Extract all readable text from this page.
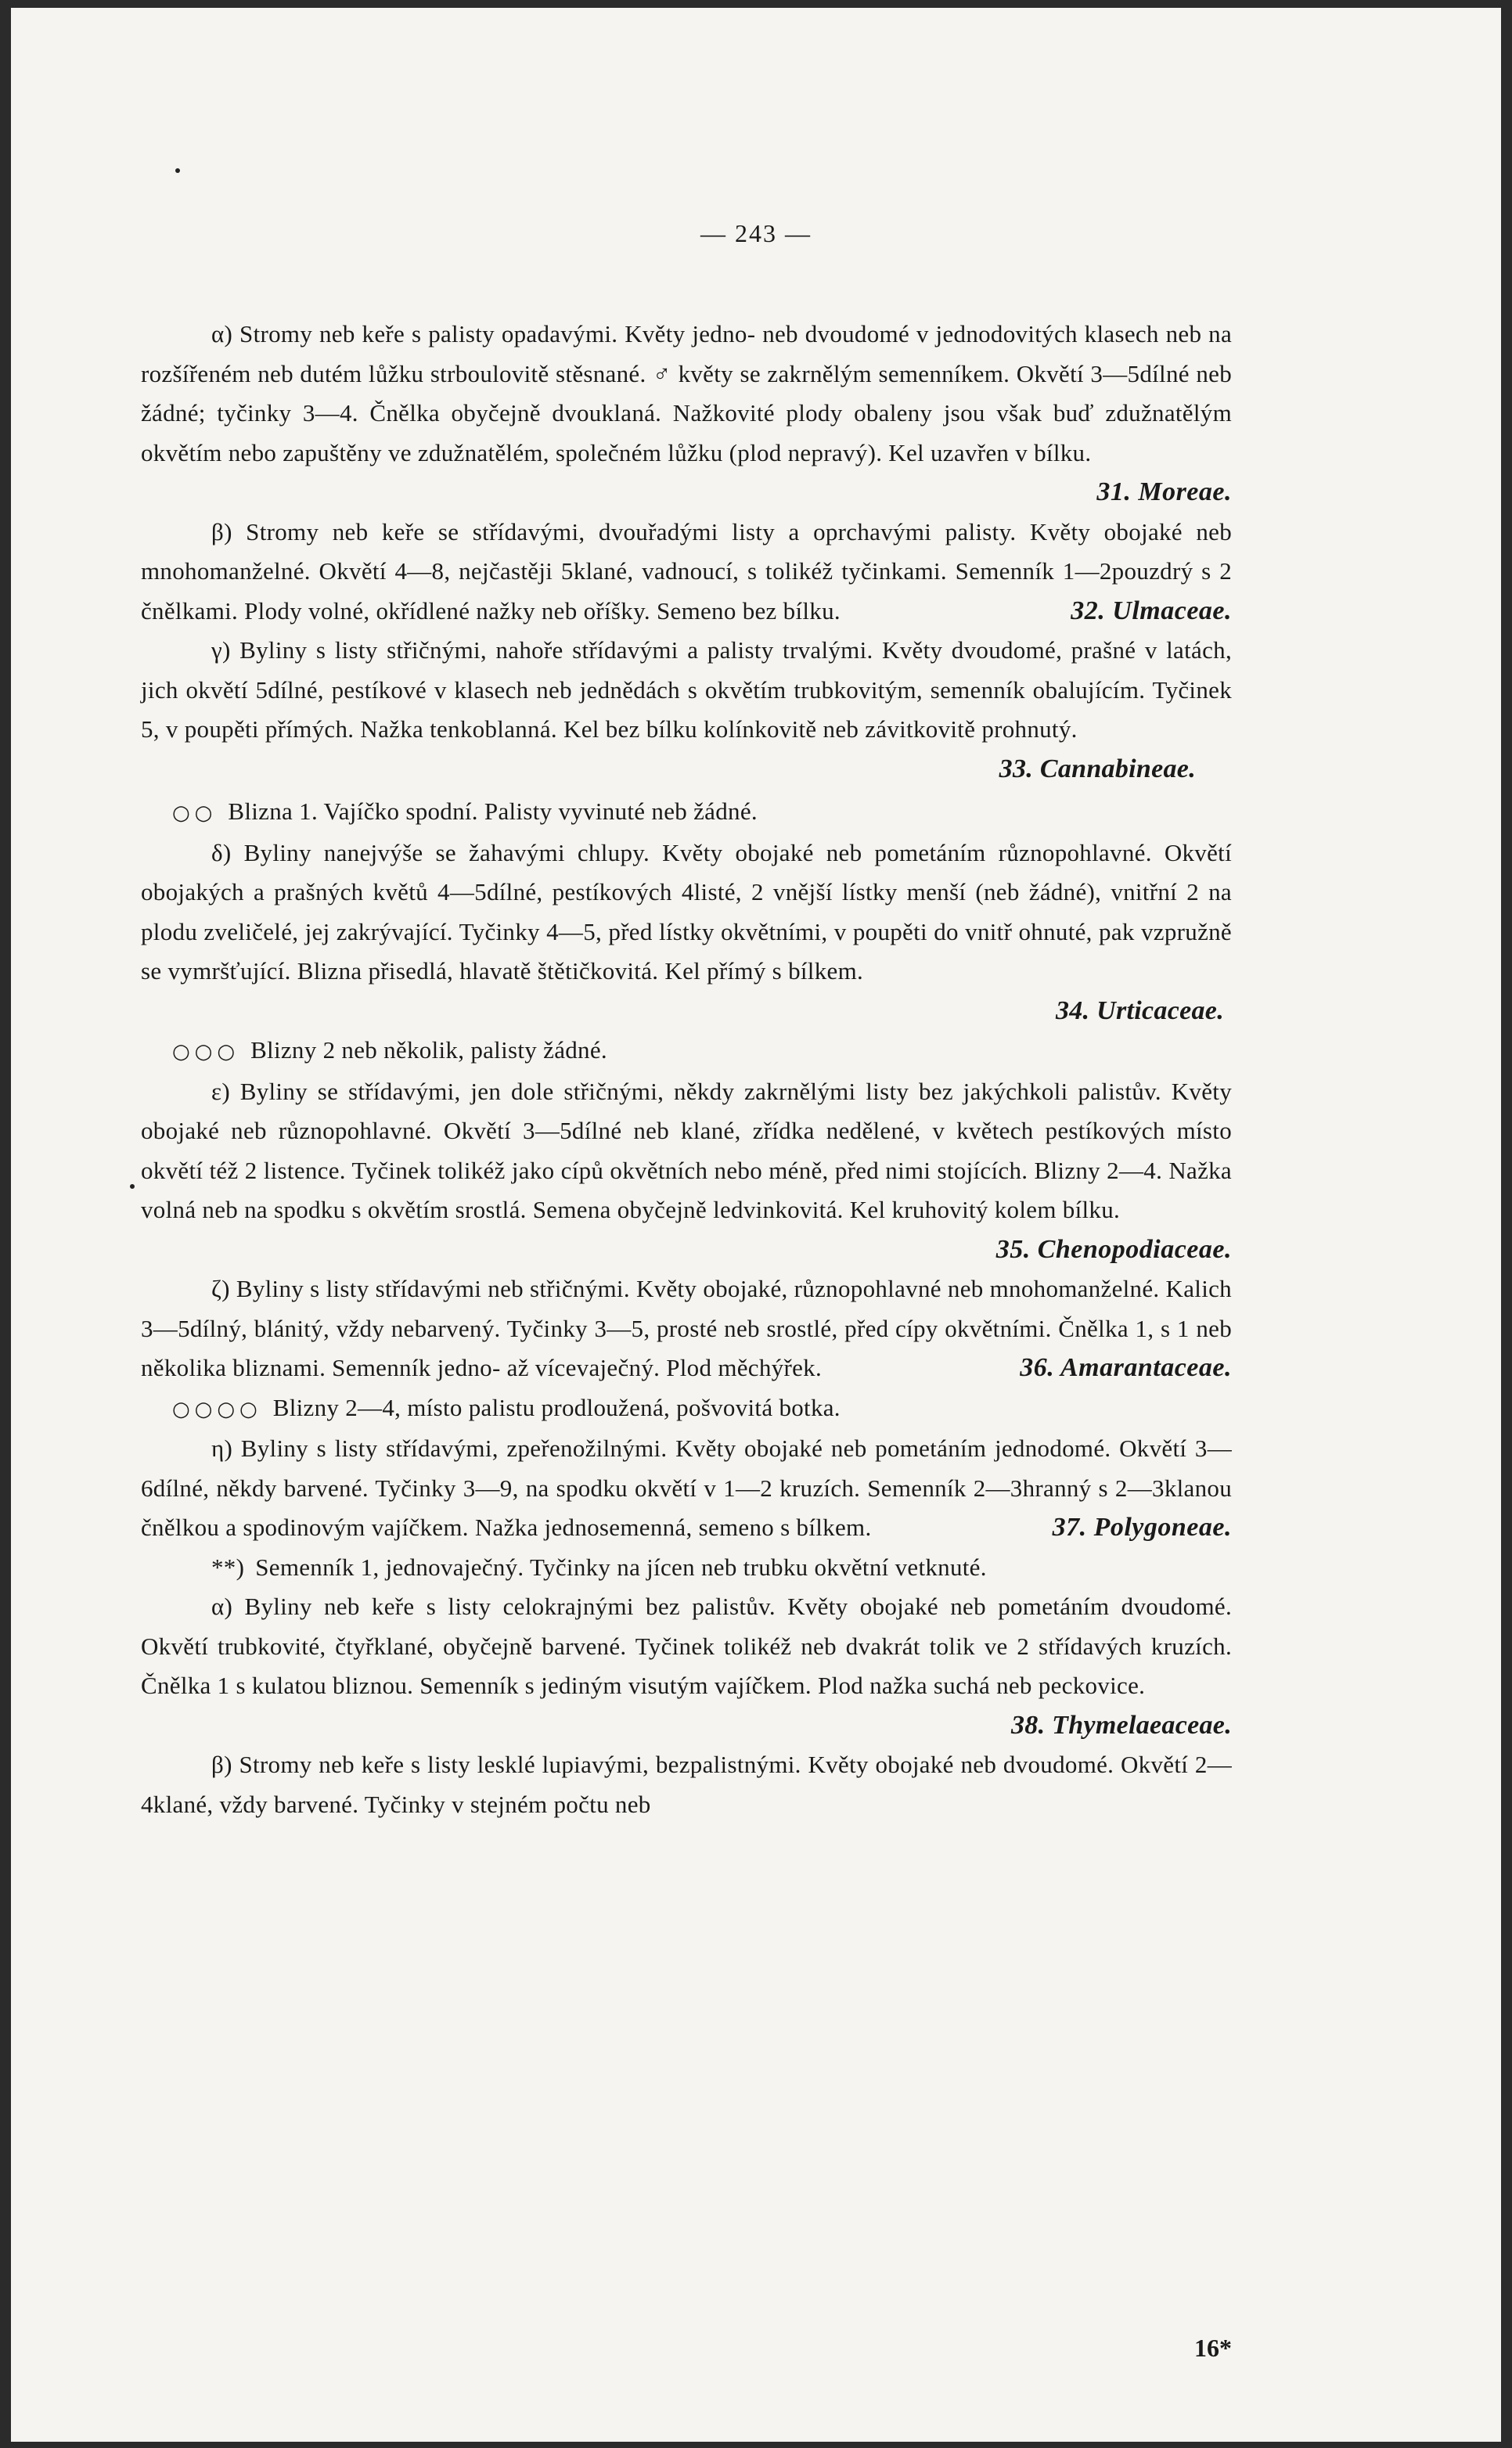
— 243 —

α) Stromy neb keře s palisty opadavými. Květy jedno- neb dvoudomé v jednodovitých klasech neb na rozšířeném neb dutém lůžku strboulovitě stěsnané. ♂ květy se zakrnělým semenníkem. Okvětí 3—5dílné neb žádné; tyčinky 3—4. Čnělka obyčejně dvouklaná. Nažkovité plody obaleny jsou však buď zdužnatělým okvětím nebo zapuštěny ve zdužnatělém, společném lůžku (plod nepravý). Kel uzavřen v bílku.
31. Moreae.

β) Stromy neb keře se střídavými, dvouřadými listy a oprchavými palisty. Květy obojaké neb mnohomanželné. Okvětí 4—8, nejčastěji 5klané, vadnoucí, s tolikéž tyčinkami. Semenník 1—2pouzdrý s 2 čnělkami. Plody volné, okřídlené nažky neb oříšky. Semeno bez bílku.	32. Ulmaceae.

γ) Byliny s listy střičnými, nahoře střídavými a palisty trvalými. Květy dvoudomé, prašné v latách, jich okvětí 5dílné, pestíkové v klasech neb jednědách s okvětím trubkovitým, semenník obalujícím. Tyčinek 5, v poupěti přímých. Nažka tenkoblanná. Kel bez bílku kolínkovitě neb závitkovitě prohnutý.

33. Cannabineae.

○○ Blizna 1. Vajíčko spodní. Palisty vyvinuté neb žádné.

δ) Byliny nanejvýše se žahavými chlupy. Květy obojaké neb pometáním různopohlavné. Okvětí obojakých a prašných květů 4—5dílné, pestíkových 4listé, 2 vnější lístky menší (neb žádné), vnitřní 2 na plodu zveličelé, jej zakrývající. Tyčinky 4—5, před lístky okvětními, v poupěti do vnitř ohnuté, pak vzpružně se vymršťující. Blizna přisedlá, hlavatě štětičkovitá. Kel přímý s bílkem.

34. Urticaceae.

○○○ Blizny 2 neb několik, palisty žádné.

ε) Byliny se střídavými, jen dole střičnými, někdy zakrnělými listy bez jakýchkoli palistův. Květy obojaké neb různopohlavné. Okvětí 3—5dílné neb klané, zřídka nedělené, v květech pestíkových místo okvětí též 2 listence. Tyčinek tolikéž jako cípů okvětních nebo méně, před nimi stojících. Blizny 2—4. Nažka volná neb na spodku s okvětím srostlá. Semena obyčejně ledvinkovitá. Kel kruhovitý kolem bílku.
35. Chenopodiaceae.

ζ) Byliny s listy střídavými neb střičnými. Květy obojaké, různopohlavné neb mnohomanželné. Kalich 3—5dílný, blánitý, vždy nebarvený. Tyčinky 3—5, prosté neb srostlé, před cípy okvětními. Čnělka 1, s 1 neb několika bliznami. Semenník jedno- až vícevaječný. Plod měchýřek.	36. Amarantaceae.

○○○○ Blizny 2—4, místo palistu prodloužená, pošvovitá botka.

η) Byliny s listy střídavými, zpeřenožilnými. Květy obojaké neb pometáním jednodomé. Okvětí 3—6dílné, někdy barvené. Tyčinky 3—9, na spodku okvětí v 1—2 kruzích. Semenník 2—3hranný s 2—3klanou čnělkou a spodinovým vajíčkem. Nažka jednosemenná, semeno s bílkem.	37. Polygoneae.

**) Semenník 1, jednovaječný. Tyčinky na jícen neb trubku okvětní vetknuté.

α) Byliny neb keře s listy celokrajnými bez palistův. Květy obojaké neb pometáním dvoudomé. Okvětí trubkovité, čtyřklané, obyčejně barvené. Tyčinek tolikéž neb dvakrát tolik ve 2 střídavých kruzích. Čnělka 1 s kulatou bliznou. Semenník s jediným visutým vajíčkem. Plod nažka suchá neb peckovice.

38. Thymelaeaceae.

β) Stromy neb keře s listy lesklé lupiavými, bezpalistnými. Květy obojaké neb dvoudomé. Okvětí 2—4klané, vždy barvené. Tyčinky v stejném počtu neb

16*
